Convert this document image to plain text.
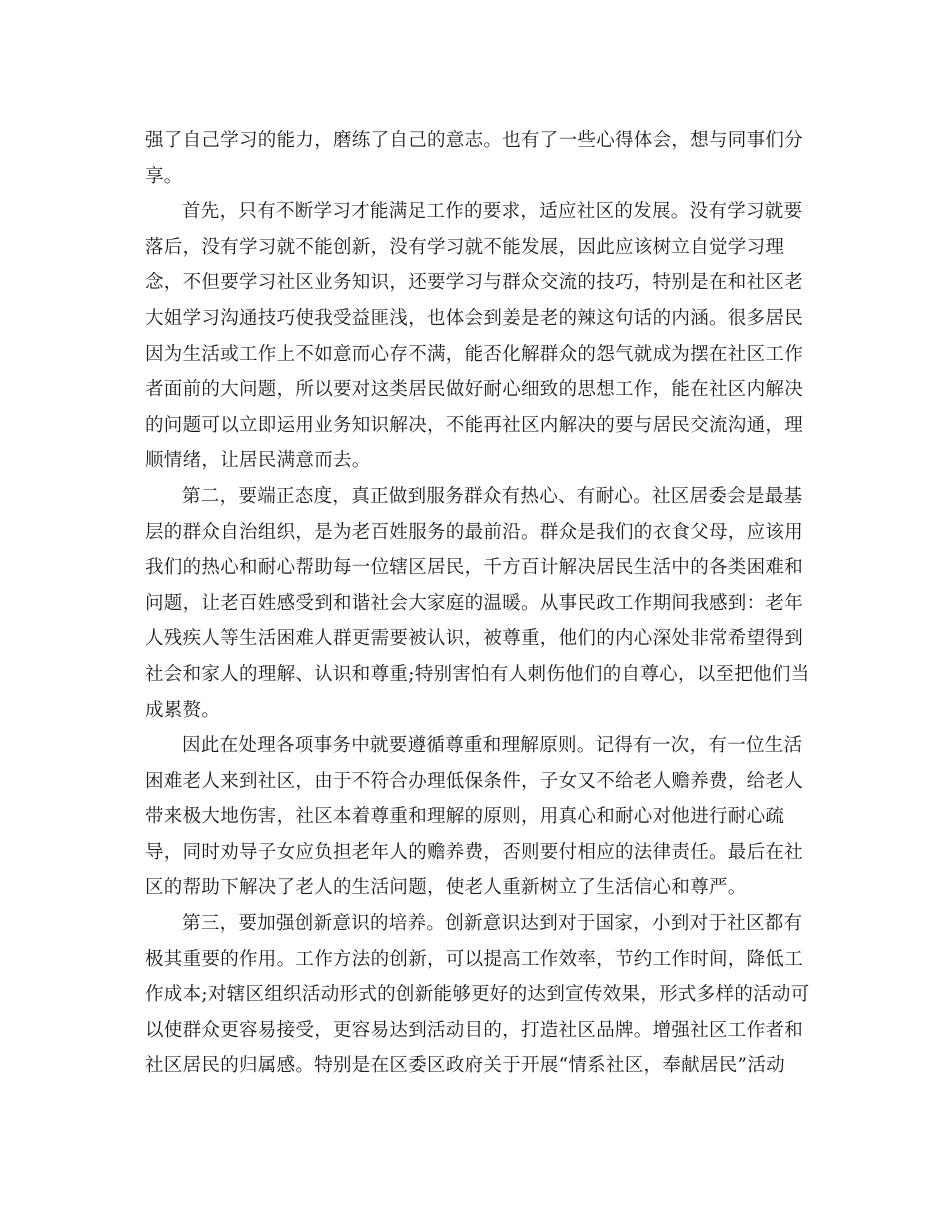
强了自己学习的能力，磨练了自己的意志。也有了一些心得体会，想与同事们分享。

首先，只有不断学习才能满足工作的要求，适应社区的发展。没有学习就要落后，没有学习就不能创新，没有学习就不能发展，因此应该树立自觉学习理念，不但要学习社区业务知识，还要学习与群众交流的技巧，特别是在和社区老大姐学习沟通技巧使我受益匪浅，也体会到姜是老的辣这句话的内涵。很多居民因为生活或工作上不如意而心存不满，能否化解群众的怨气就成为摆在社区工作者面前的大问题，所以要对这类居民做好耐心细致的思想工作，能在社区内解决的问题可以立即运用业务知识解决，不能再社区内解决的要与居民交流沟通，理顺情绪，让居民满意而去。

第二，要端正态度，真正做到服务群众有热心、有耐心。社区居委会是最基层的群众自治组织，是为老百姓服务的最前沿。群众是我们的衣食父母，应该用我们的热心和耐心帮助每一位辖区居民，千方百计解决居民生活中的各类困难和问题，让老百姓感受到和谐社会大家庭的温暖。从事民政工作期间我感到：老年人残疾人等生活困难人群更需要被认识，被尊重，他们的内心深处非常希望得到社会和家人的理解、认识和尊重;特别害怕有人刺伤他们的自尊心，以至把他们当成累赘。

因此在处理各项事务中就要遵循尊重和理解原则。记得有一次，有一位生活困难老人来到社区，由于不符合办理低保条件，子女又不给老人赡养费，给老人带来极大地伤害，社区本着尊重和理解的原则，用真心和耐心对他进行耐心疏导，同时劝导子女应负担老年人的赡养费，否则要付相应的法律责任。最后在社区的帮助下解决了老人的生活问题，使老人重新树立了生活信心和尊严。

第三，要加强创新意识的培养。创新意识达到对于国家，小到对于社区都有极其重要的作用。工作方法的创新，可以提高工作效率，节约工作时间，降低工作成本;对辖区组织活动形式的创新能够更好的达到宣传效果，形式多样的活动可以使群众更容易接受，更容易达到活动目的，打造社区品牌。增强社区工作者和社区居民的归属感。特别是在区委区政府关于开展“情系社区，奉献居民”活动
